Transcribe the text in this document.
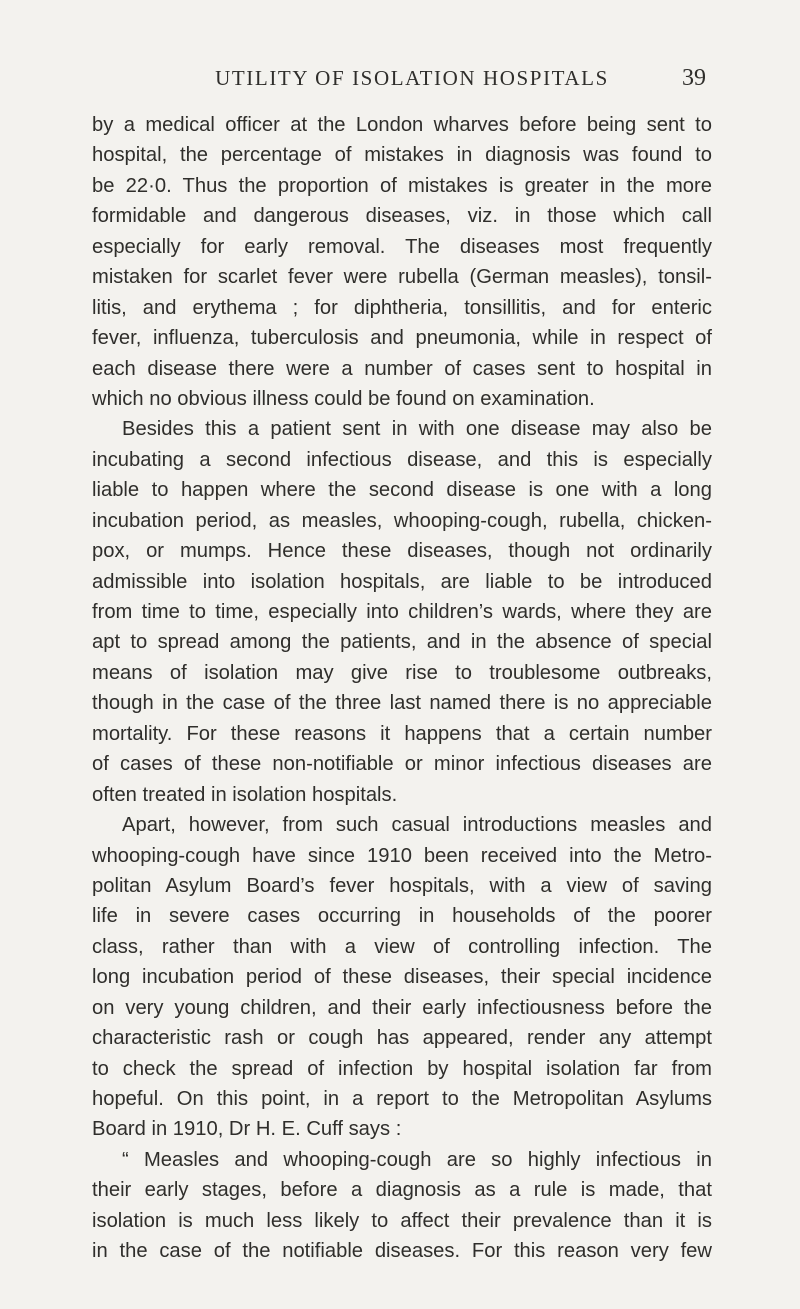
UTILITY OF ISOLATION HOSPITALS	39
by a medical officer at the London wharves before being sent to
hospital, the percentage of mistakes in diagnosis was found to
be 22·0. Thus the proportion of mistakes is greater in the more
formidable and dangerous diseases, viz. in those which call
especially for early removal. The diseases most frequently
mistaken for scarlet fever were rubella (German measles), tonsil-
litis, and erythema ; for diphtheria, tonsillitis, and for enteric
fever, influenza, tuberculosis and pneumonia, while in respect of
each disease there were a number of cases sent to hospital in
which no obvious illness could be found on examination.
Besides this a patient sent in with one disease may also be
incubating a second infectious disease, and this is especially
liable to happen where the second disease is one with a long
incubation period, as measles, whooping-cough, rubella, chicken-
pox, or mumps. Hence these diseases, though not ordinarily
admissible into isolation hospitals, are liable to be introduced
from time to time, especially into children’s wards, where they are
apt to spread among the patients, and in the absence of special
means of isolation may give rise to troublesome outbreaks,
though in the case of the three last named there is no appreciable
mortality. For these reasons it happens that a certain number
of cases of these non-notifiable or minor infectious diseases are
often treated in isolation hospitals.
Apart, however, from such casual introductions measles and
whooping-cough have since 1910 been received into the Metro-
politan Asylum Board’s fever hospitals, with a view of saving
life in severe cases occurring in households of the poorer
class, rather than with a view of controlling infection. The
long incubation period of these diseases, their special incidence
on very young children, and their early infectiousness before the
characteristic rash or cough has appeared, render any attempt
to check the spread of infection by hospital isolation far from
hopeful. On this point, in a report to the Metropolitan Asylums
Board in 1910, Dr H. E. Cuff says :
“ Measles and whooping-cough are so highly infectious in
their early stages, before a diagnosis as a rule is made, that
isolation is much less likely to affect their prevalence than it is
in the case of the notifiable diseases. For this reason very few
